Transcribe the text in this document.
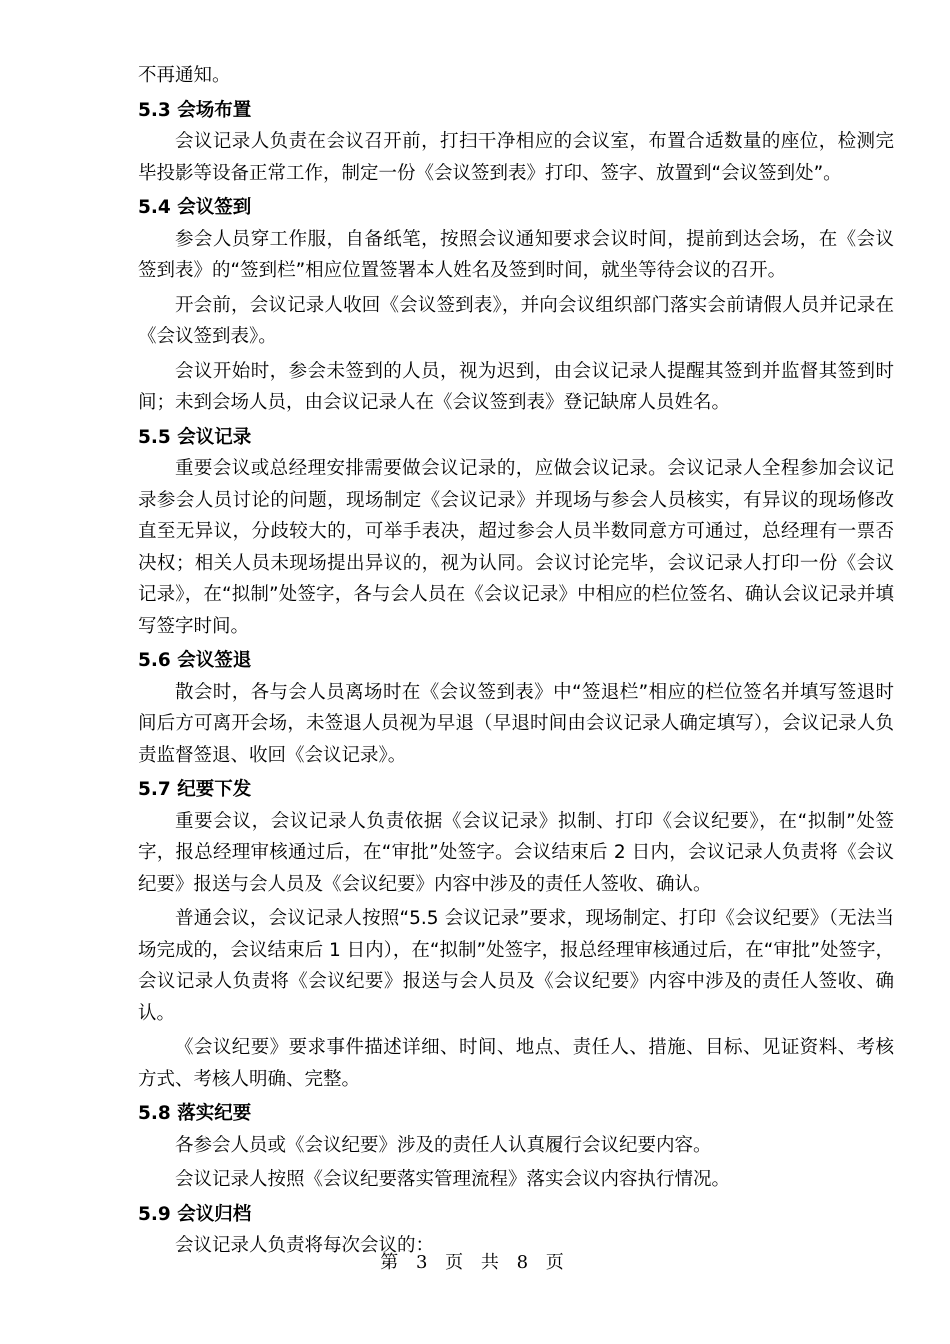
不再通知。

5.3 会场布置

会议记录人负责在会议召开前，打扫干净相应的会议室，布置合适数量的座位，检测完毕投影等设备正常工作，制定一份《会议签到表》打印、签字、放置到“会议签到处”。

5.4 会议签到

参会人员穿工作服，自备纸笔，按照会议通知要求会议时间，提前到达会场，在《会议签到表》的“签到栏”相应位置签署本人姓名及签到时间，就坐等待会议的召开。

开会前，会议记录人收回《会议签到表》，并向会议组织部门落实会前请假人员并记录在《会议签到表》。

会议开始时，参会未签到的人员，视为迟到，由会议记录人提醒其签到并监督其签到时间；未到会场人员，由会议记录人在《会议签到表》登记缺席人员姓名。

5.5 会议记录

重要会议或总经理安排需要做会议记录的，应做会议记录。会议记录人全程参加会议记录参会人员讨论的问题，现场制定《会议记录》并现场与参会人员核实，有异议的现场修改直至无异议，分歧较大的，可举手表决，超过参会人员半数同意方可通过，总经理有一票否决权；相关人员未现场提出异议的，视为认同。会议讨论完毕，会议记录人打印一份《会议记录》，在“拟制”处签字，各与会人员在《会议记录》中相应的栏位签名、确认会议记录并填写签字时间。

5.6 会议签退

散会时，各与会人员离场时在《会议签到表》中“签退栏”相应的栏位签名并填写签退时间后方可离开会场，未签退人员视为早退（早退时间由会议记录人确定填写），会议记录人负责监督签退、收回《会议记录》。

5.7 纪要下发

重要会议，会议记录人负责依据《会议记录》拟制、打印《会议纪要》，在“拟制”处签字，报总经理审核通过后，在“审批”处签字。会议结束后 2 日内，会议记录人负责将《会议纪要》报送与会人员及《会议纪要》内容中涉及的责任人签收、确认。

普通会议，会议记录人按照“5.5 会议记录”要求，现场制定、打印《会议纪要》（无法当场完成的，会议结束后 1 日内），在“拟制”处签字，报总经理审核通过后，在“审批”处签字，会议记录人负责将《会议纪要》报送与会人员及《会议纪要》内容中涉及的责任人签收、确认。

《会议纪要》要求事件描述详细、时间、地点、责任人、措施、目标、见证资料、考核方式、考核人明确、完整。

5.8 落实纪要

各参会人员或《会议纪要》涉及的责任人认真履行会议纪要内容。

会议记录人按照《会议纪要落实管理流程》落实会议内容执行情况。

5.9 会议归档

会议记录人负责将每次会议的：

第 3 页 共 8 页
